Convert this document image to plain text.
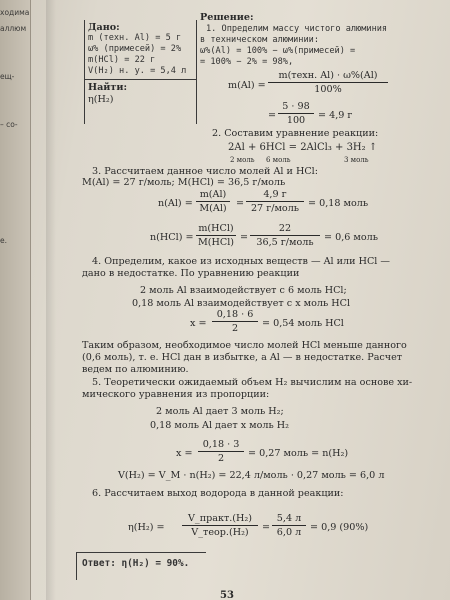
ходима
аллюм
ещ-
– со-
е.
Дано:
m (техн. Al) = 5 г
ω% (примесей) = 2%
m(HCl) = 22 г
V(H₂) н. у. = 5,4 л
Найти:
η(H₂)
Решение:
1. Определим массу чистого алюминия
в техническом алюминии:
ω%(Al) = 100% − ω%(примесей) =
= 100% − 2% = 98%,
m(Al) =
m(техн. Al) · ω%(Al)
100%
=
5 · 98
100	= 4,9 г
2. Составим уравнение реакции:
2Al + 6HCl = 2AlCl₃ + 3H₂ ↑
2 моль 6 моль	3 моль
3. Рассчитаем данное число молей Al и HCl:
M(Al) = 27 г/моль; M(HCl) = 36,5 г/моль
n(Al) =
m(Al)
M(Al) =
4,9 г
27 г/моль = 0,18 моль
n(HCl) =
m(HCl)
M(HCl) =
22
36,5 г/моль	= 0,6 моль
4. Определим, какое из исходных веществ — Al или HCl —
дано в недостатке. По уравнению реакции
2 моль Al взаимодействует с 6 моль HCl;
0,18 моль Al взаимодействует с x моль HCl
x =
0,18 · 6
2	= 0,54 моль HCl
Таким образом, необходимое число молей HCl меньше данного
(0,6 моль), т. е. HCl дан в избытке, а Al — в недостатке. Расчет
ведем по алюминию.
5. Теоретически ожидаемый объем H₂ вычислим на основе хи-
мического уравнения из пропорции:
2 моль Al дает 3 моль H₂;
0,18 моль Al дает x моль H₂
x =
0,18 · 3
2	= 0,27 моль = n(H₂)
V(H₂) = V_M · n(H₂) = 22,4 л/моль · 0,27 моль = 6,0 л
6. Рассчитаем выход водорода в данной реакции:
η(H₂) =
V_практ.(H₂)
V_теор.(H₂)	=
5,4 л
6,0 л = 0,9 (90%)
Ответ: η(H₂) = 90%.
53
